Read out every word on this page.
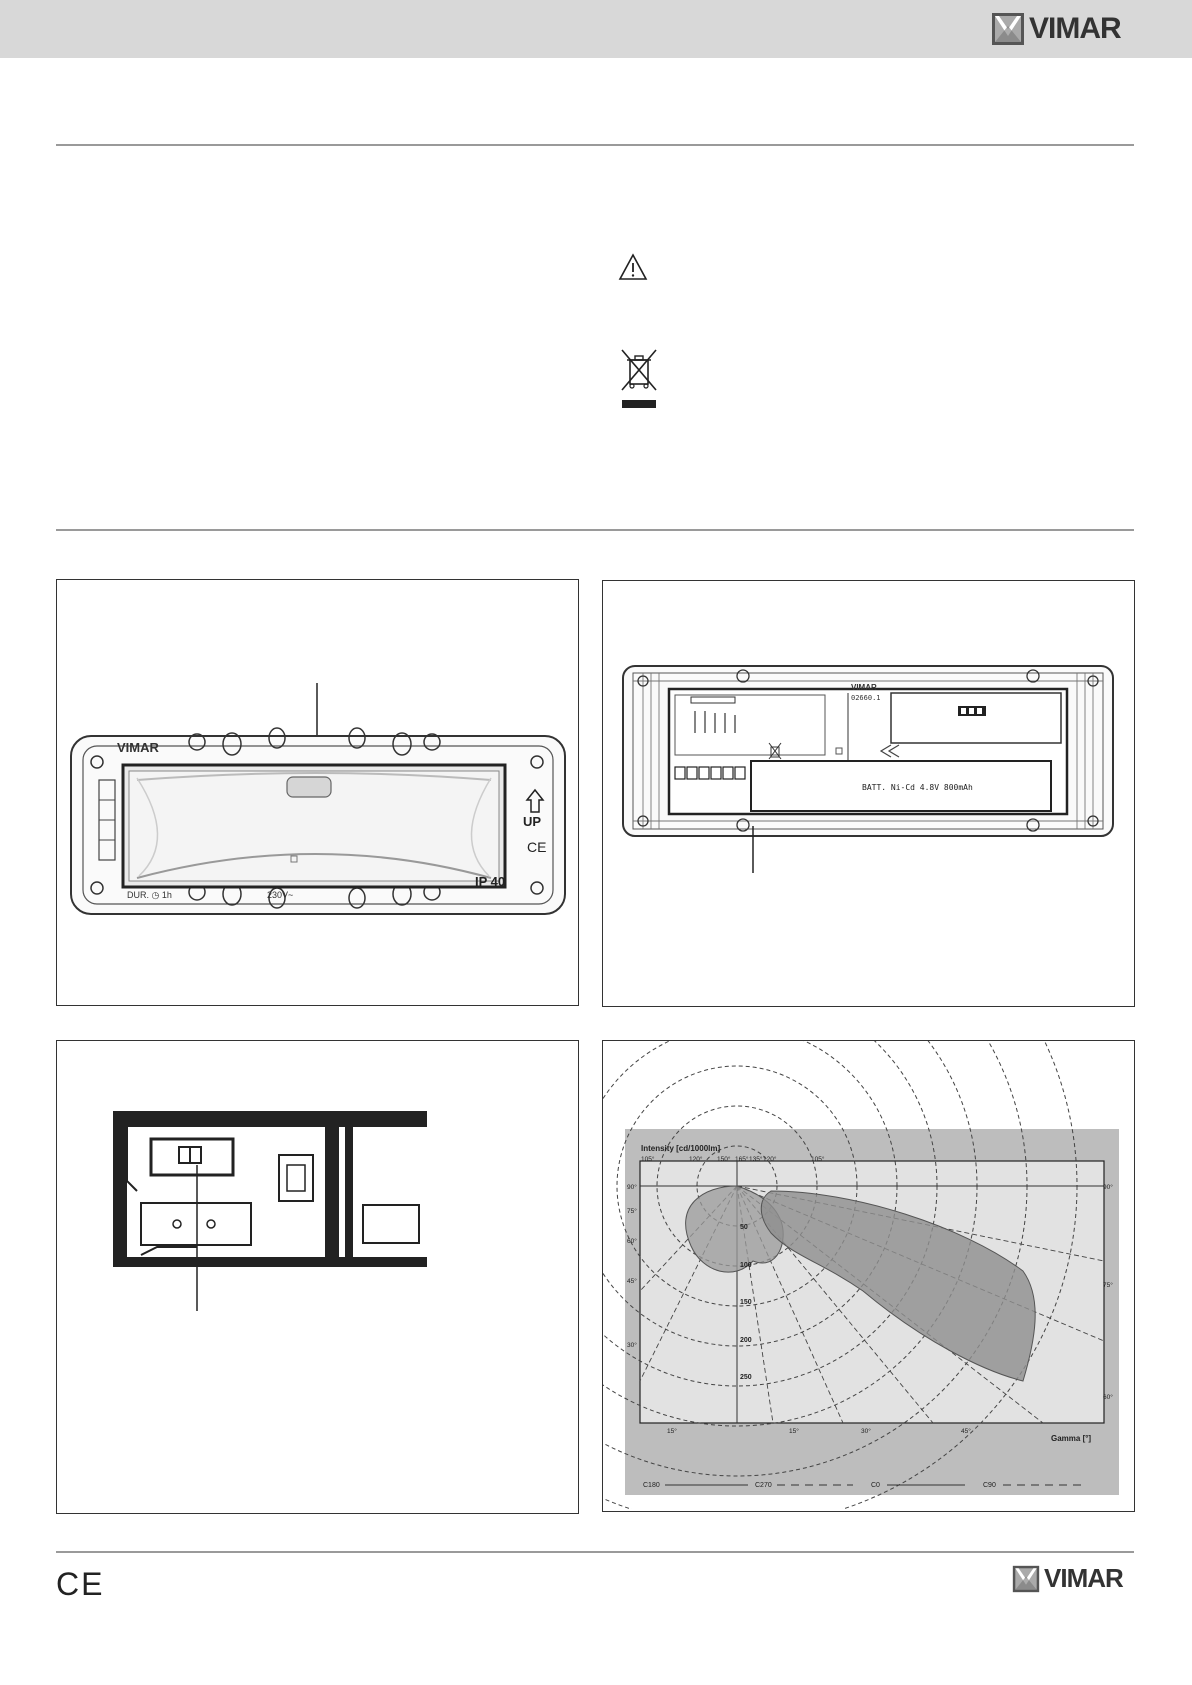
VIMAR
VIMAR
UP
IP 40
CE
DUR. ◷ 1h	230V~
VIMAR
02660.1
BATT. Ni-Cd 4.8V 800mAh
Intensity [cd/1000lm]
105°	120° 150° 165° 135° 120°	105°
90°
75°
60°
45°
30°
90°
75°
60°
50
100
150
200
250
15°	15°	30°	45°
Gamma [°]
C180	C270	C0	C90
CE	VIMAR
